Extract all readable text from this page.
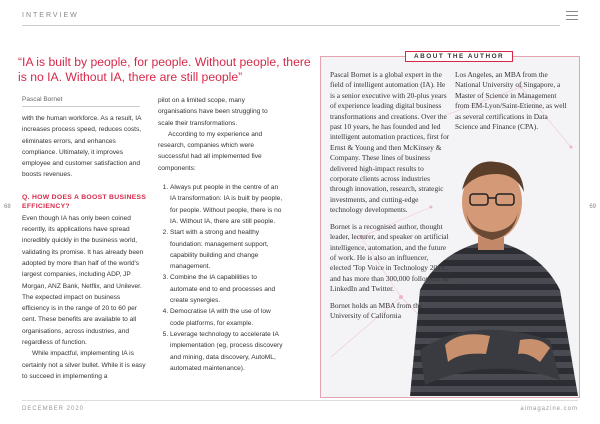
INTERVIEW
“IA is built by people, for people. Without people, there is no IA. Without IA, there are still people”
Pascal Bornet

with the human workforce. As a result, IA increases process speed, reduces costs, eliminates errors, and enhances compliance. Ultimately, it improves employee and customer satisfaction and boosts revenues.

Q. HOW DOES A BOOST BUSINESS EFFICIENCY?

Even though IA has only been coined recently, its applications have spread incredibly quickly in the business world, validating its promise. It has already been adopted by more than half of the world's largest companies, including ADP, JP Morgan, ANZ Bank, Netflix, and Unilever. The expected impact on business efficiency is in the range of 20 to 60 per cent. These benefits are available to all organisations, across industries, and regardless of function.

While impactful, implementing IA is certainly not a silver bullet. While it is easy to succeed in implementing a

pilot on a limited scope, many organisations have been struggling to scale their transformations.

According to my experience and research, companies which were successful had all implemented five components:

1. Always put people in the centre of an IA transformation: IA is built by people, for people. Without people, there is no IA. Without IA, there are still people.
2. Start with a strong and healthy foundation: management support, capability building and change management.
3. Combine the IA capabilities to automate end to end processes and create synergies.
4. Democratise IA with the use of low code platforms, for example.
5. Leverage technology to accelerate IA implementation (eg, process discovery and mining, data discovery, AutoML, automated maintenance).
68	69
ABOUT THE AUTHOR

Pascal Bornet is a global expert in the field of intelligent automation (IA). He is a senior executive with 20-plus years of experience leading digital business transformations and creations. Over the past 10 years, he has founded and led intelligent automation practices, first for Ernst & Young and then McKinsey & Company. These lines of business delivered high-impact results to corporate clients across industries through innovation, research, strategic investments, and cutting-edge technology developments.

Bornet is a recognised author, thought leader, lecturer, and speaker on artificial intelligence, automation, and the future of work. He is also an influencer, elected 'Top Voice in Technology 2019', and has more than 300,000 followers on LinkedIn and Twitter.

Bornet holds an MBA from the University of California

Los Angeles, an MBA from the National University of Singapore, a Master of Science in Management from EM-Lyon/Saint-Etienne, as well as several certifications in Data Science and Finance (CPA).

DECEMBER 2020	aimagazine.com
